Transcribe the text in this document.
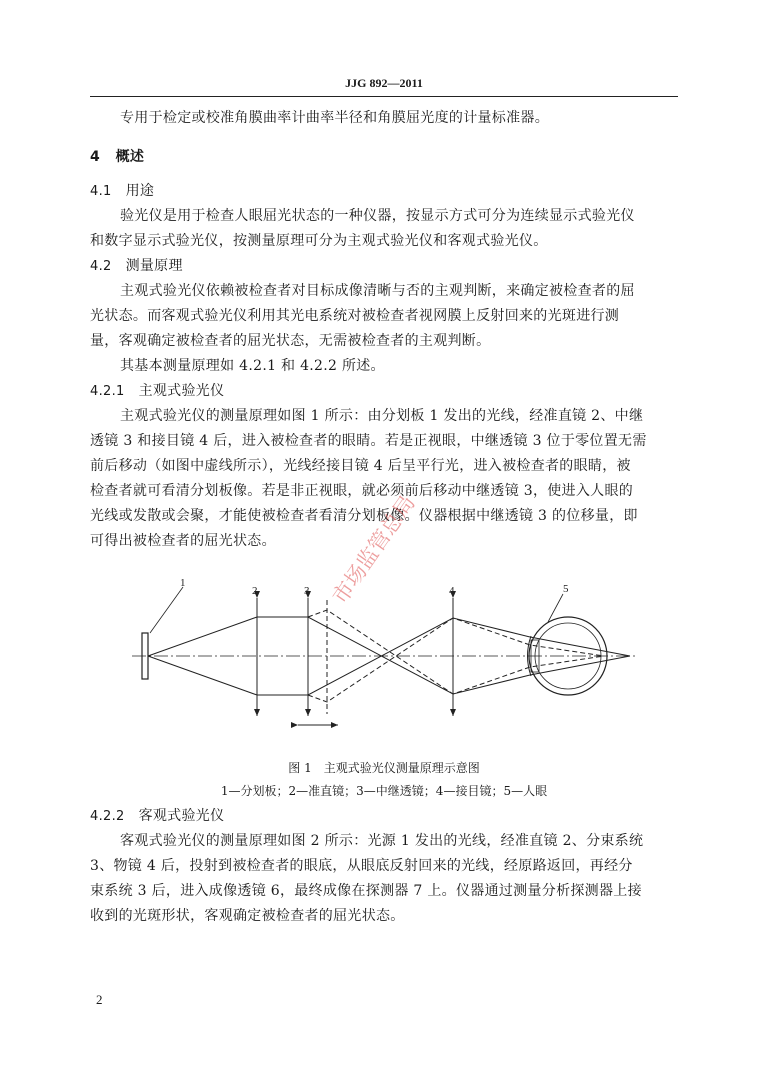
JJG 892—2011
专用于检定或校准角膜曲率计曲率半径和角膜屈光度的计量标准器。
4 概述
4.1 用途
验光仪是用于检查人眼屈光状态的一种仪器，按显示方式可分为连续显示式验光仪
和数字显示式验光仪，按测量原理可分为主观式验光仪和客观式验光仪。
4.2 测量原理
主观式验光仪依赖被检查者对目标成像清晰与否的主观判断，来确定被检查者的屈
光状态。而客观式验光仪利用其光电系统对被检查者视网膜上反射回来的光斑进行测
量，客观确定被检查者的屈光状态，无需被检查者的主观判断。
其基本测量原理如 4.2.1 和 4.2.2 所述。
4.2.1 主观式验光仪
主观式验光仪的测量原理如图 1 所示：由分划板 1 发出的光线，经准直镜 2、中继
透镜 3 和接目镜 4 后，进入被检查者的眼睛。若是正视眼，中继透镜 3 位于零位置无需
前后移动（如图中虚线所示），光线经接目镜 4 后呈平行光，进入被检查者的眼睛，被
检查者就可看清分划板像。若是非正视眼，就必须前后移动中继透镜 3，使进入人眼的
光线或发散或会聚，才能使被检查者看清分划板像。仪器根据中继透镜 3 的位移量，即
可得出被检查者的屈光状态。
1
2	3	4	5
图 1　主观式验光仪测量原理示意图
1—分划板；2—准直镜；3—中继透镜；4—接目镜；5—人眼
4.2.2 客观式验光仪
客观式验光仪的测量原理如图 2 所示：光源 1 发出的光线，经准直镜 2、分束系统
3、物镜 4 后，投射到被检查者的眼底，从眼底反射回来的光线，经原路返回，再经分
束系统 3 后，进入成像透镜 6，最终成像在探测器 7 上。仪器通过测量分析探测器上接
收到的光斑形状，客观确定被检查者的屈光状态。
市场监管总局
2
